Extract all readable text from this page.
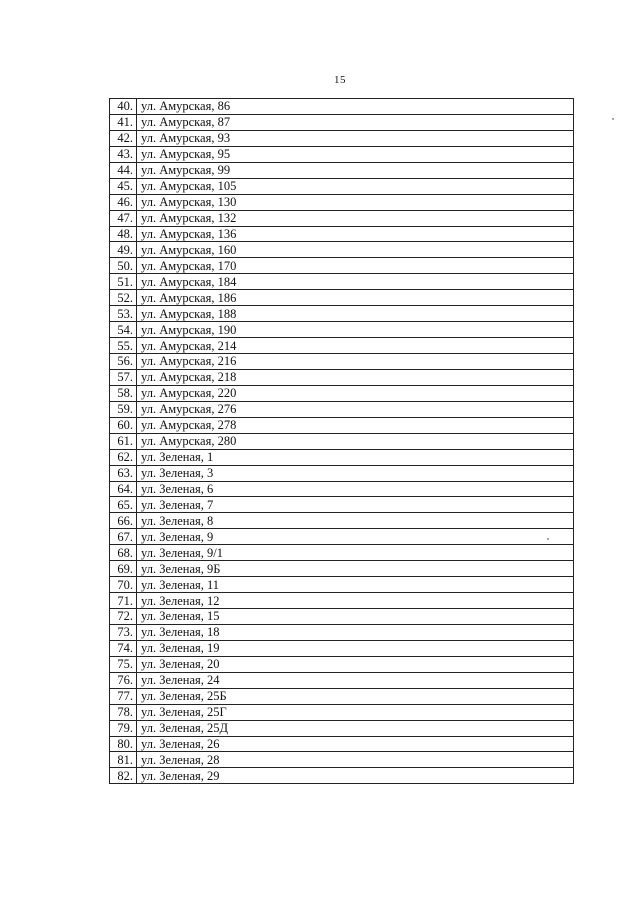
15
40.	ул. Амурская, 86
41.	ул. Амурская, 87
42.	ул. Амурская, 93
43.	ул. Амурская, 95
44.	ул. Амурская, 99
45.	ул. Амурская, 105
46.	ул. Амурская, 130
47.	ул. Амурская, 132
48.	ул. Амурская, 136
49.	ул. Амурская, 160
50.	ул. Амурская, 170
51.	ул. Амурская, 184
52.	ул. Амурская, 186
53.	ул. Амурская, 188
54.	ул. Амурская, 190
55.	ул. Амурская, 214
56.	ул. Амурская, 216
57.	ул. Амурская, 218
58.	ул. Амурская, 220
59.	ул. Амурская, 276
60.	ул. Амурская, 278
61.	ул. Амурская, 280
62.	ул. Зеленая, 1
63.	ул. Зеленая, 3
64.	ул. Зеленая, 6
65.	ул. Зеленая, 7
66.	ул. Зеленая, 8
67.	ул. Зеленая, 9
68.	ул. Зеленая, 9/1
69.	ул. Зеленая, 9Б
70.	ул. Зеленая, 11
71.	ул. Зеленая, 12
72.	ул. Зеленая, 15
73.	ул. Зеленая, 18
74.	ул. Зеленая, 19
75.	ул. Зеленая, 20
76.	ул. Зеленая, 24
77.	ул. Зеленая, 25Б
78.	ул. Зеленая, 25Г
79.	ул. Зеленая, 25Д
80.	ул. Зеленая, 26
81.	ул. Зеленая, 28
82.	ул. Зеленая, 29
